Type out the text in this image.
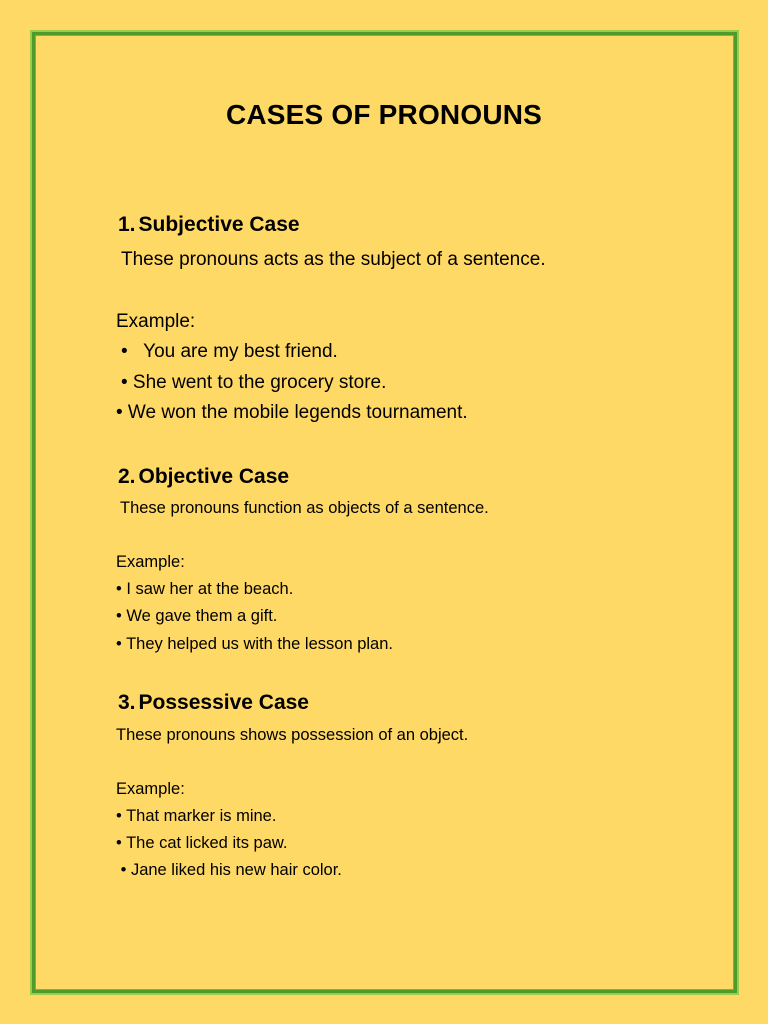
CASES OF PRONOUNS
1. Subjective Case
These pronouns acts as the subject of a sentence.
Example:
•   You are my best friend.
• She went to the grocery store.
• We won the mobile legends tournament.
2. Objective Case
These pronouns function as objects of a sentence.
Example:
• I saw her at the beach.
• We gave them a gift.
• They helped us with the lesson plan.
3. Possessive Case
These pronouns shows possession of an object.
Example:
• That marker is mine.
• The cat licked its paw.
• Jane liked his new hair color.
